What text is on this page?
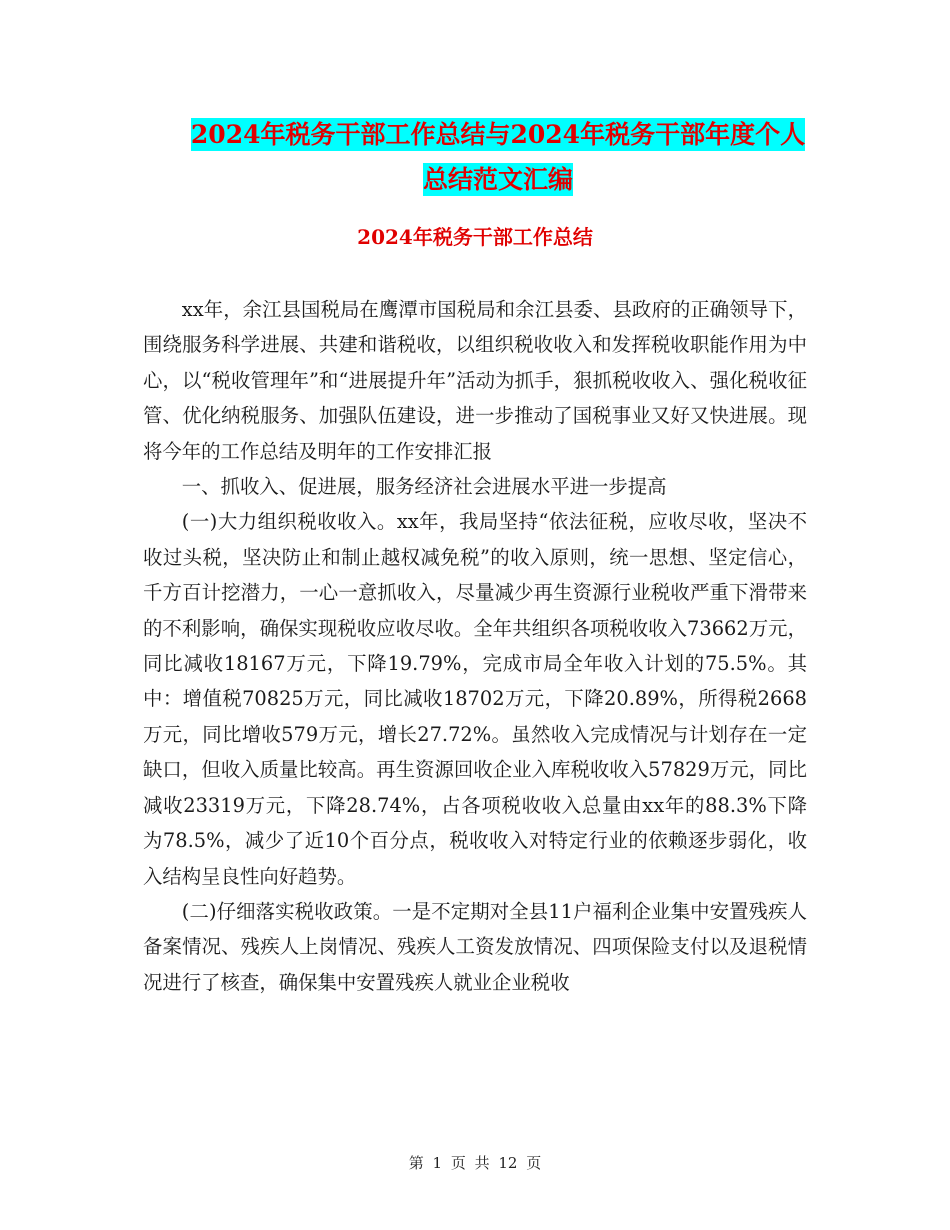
2024年税务干部工作总结与2024年税务干部年度个人
总结范文汇编
2024年税务干部工作总结

xx年，余江县国税局在鹰潭市国税局和余江县委、县政府的正确领导下，围绕服务科学进展、共建和谐税收，以组织税收收入和发挥税收职能作用为中心，以“税收管理年”和“进展提升年”活动为抓手，狠抓税收收入、强化税收征管、优化纳税服务、加强队伍建设，进一步推动了国税事业又好又快进展。现将今年的工作总结及明年的工作安排汇报

一、抓收入、促进展，服务经济社会进展水平进一步提高

(一)大力组织税收收入。xx年，我局坚持“依法征税，应收尽收，坚决不收过头税，坚决防止和制止越权减免税”的收入原则，统一思想、坚定信心，千方百计挖潜力，一心一意抓收入，尽量减少再生资源行业税收严重下滑带来的不利影响，确保实现税收应收尽收。全年共组织各项税收收入73662万元，同比减收18167万元，下降19.79%，完成市局全年收入计划的75.5%。其中：增值税70825万元，同比减收18702万元，下降20.89%，所得税2668万元，同比增收579万元，增长27.72%。虽然收入完成情况与计划存在一定缺口，但收入质量比较高。再生资源回收企业入库税收收入57829万元，同比减收23319万元，下降28.74%，占各项税收收入总量由xx年的88.3%下降为78.5%，减少了近10个百分点，税收收入对特定行业的依赖逐步弱化，收入结构呈良性向好趋势。

(二)仔细落实税收政策。一是不定期对全县11户福利企业集中安置残疾人备案情况、残疾人上岗情况、残疾人工资发放情况、四项保险支付以及退税情况进行了核查，确保集中安置残疾人就业企业税收

第 1 页 共 12 页
